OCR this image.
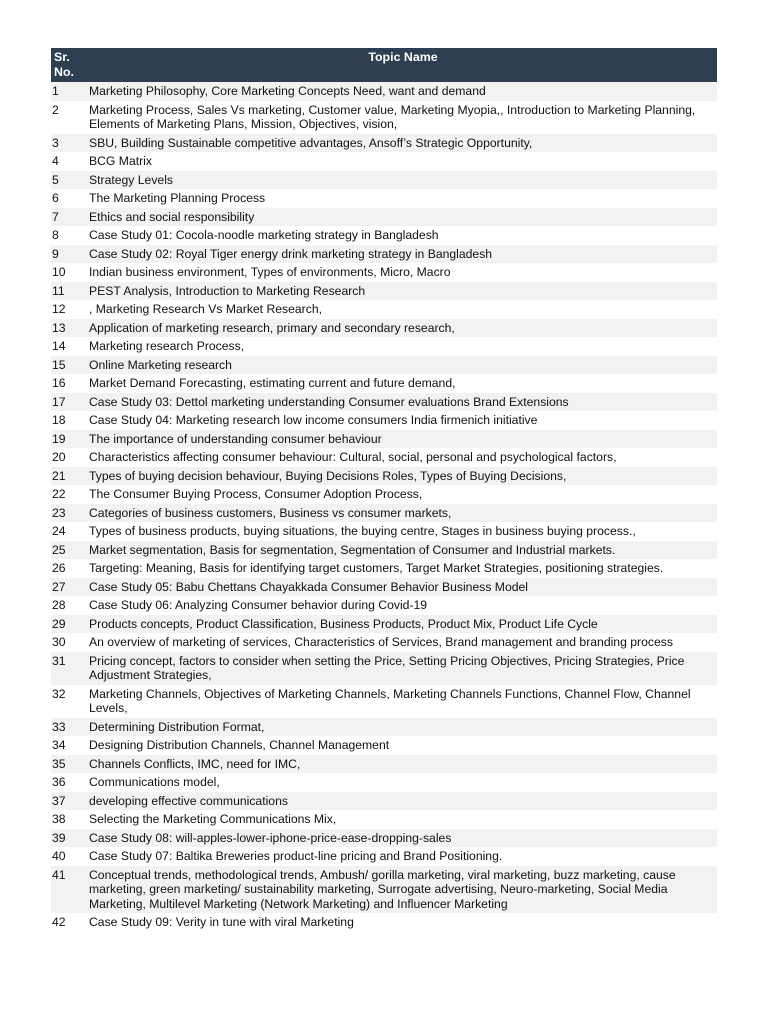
Sr. No.	Topic Name
1	Marketing Philosophy, Core Marketing Concepts Need, want and demand
2	Marketing Process, Sales Vs marketing, Customer value, Marketing Myopia,, Introduction to Marketing Planning, Elements of Marketing Plans, Mission, Objectives, vision,
3	SBU, Building Sustainable competitive advantages, Ansoff’s Strategic Opportunity,
4	BCG Matrix
5	Strategy Levels
6	The Marketing Planning Process
7	Ethics and social responsibility
8	Case Study 01: Cocola-noodle marketing strategy in Bangladesh
9	Case Study 02: Royal Tiger energy drink marketing strategy in Bangladesh
10	Indian business environment, Types of environments, Micro, Macro
11	PEST Analysis, Introduction to Marketing Research
12	, Marketing Research Vs Market Research,
13	Application of marketing research, primary and secondary research,
14	Marketing research Process,
15	Online Marketing research
16	Market Demand Forecasting, estimating current and future demand,
17	Case Study 03: Dettol marketing understanding Consumer evaluations Brand Extensions
18	Case Study 04: Marketing research low income consumers India firmenich initiative
19	The importance of understanding consumer behaviour
20	Characteristics affecting consumer behaviour: Cultural, social, personal and psychological factors,
21	Types of buying decision behaviour, Buying Decisions Roles, Types of Buying Decisions,
22	The Consumer Buying Process, Consumer Adoption Process,
23	Categories of business customers, Business vs consumer markets,
24	Types of business products, buying situations, the buying centre, Stages in business buying process.,
25	Market segmentation, Basis for segmentation, Segmentation of Consumer and Industrial markets.
26	Targeting: Meaning, Basis for identifying target customers, Target Market Strategies, positioning strategies.
27	Case Study 05: Babu Chettans Chayakkada Consumer Behavior Business Model
28	Case Study 06: Analyzing Consumer behavior during Covid-19
29	Products concepts, Product Classification, Business Products, Product Mix, Product Life Cycle
30	An overview of marketing of services, Characteristics of Services, Brand management and branding process
31	Pricing concept, factors to consider when setting the Price, Setting Pricing Objectives, Pricing Strategies, Price Adjustment Strategies,
32	Marketing Channels, Objectives of Marketing Channels, Marketing Channels Functions, Channel Flow, Channel Levels,
33	Determining Distribution Format,
34	Designing Distribution Channels, Channel Management
35	Channels Conflicts, IMC, need for IMC,
36	Communications model,
37	developing effective communications
38	Selecting the Marketing Communications Mix,
39	Case Study 08: will-apples-lower-iphone-price-ease-dropping-sales
40	Case Study 07: Baltika Breweries product-line pricing and Brand Positioning.
41	Conceptual trends, methodological trends, Ambush/ gorilla marketing, viral marketing, buzz marketing, cause marketing, green marketing/ sustainability marketing, Surrogate advertising, Neuro-marketing, Social Media Marketing, Multilevel Marketing (Network Marketing) and Influencer Marketing
42	Case Study 09: Verity in tune with viral Marketing
